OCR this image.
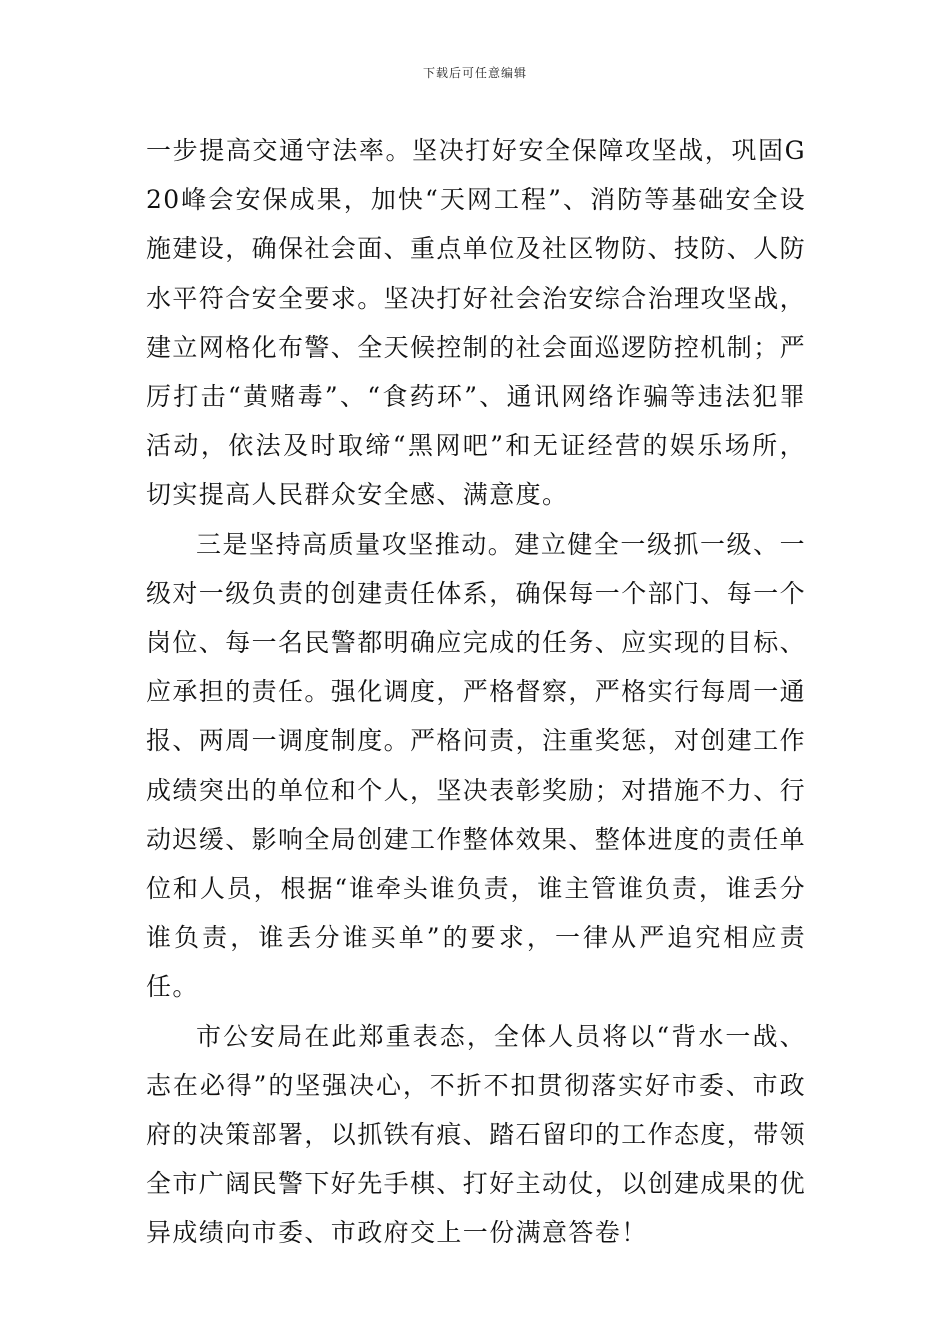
下载后可任意编辑

一步提高交通守法率。坚决打好安全保障攻坚战，巩固G20峰会安保成果，加快“天网工程”、消防等基础安全设施建设，确保社会面、重点单位及社区物防、技防、人防水平符合安全要求。坚决打好社会治安综合治理攻坚战，建立网格化布警、全天候控制的社会面巡逻防控机制；严厉打击“黄赌毒”、“食药环”、通讯网络诈骗等违法犯罪活动，依法及时取缔“黑网吧”和无证经营的娱乐场所，切实提高人民群众安全感、满意度。

三是坚持高质量攻坚推动。建立健全一级抓一级、一级对一级负责的创建责任体系，确保每一个部门、每一个岗位、每一名民警都明确应完成的任务、应实现的目标、应承担的责任。强化调度，严格督察，严格实行每周一通报、两周一调度制度。严格问责，注重奖惩，对创建工作成绩突出的单位和个人，坚决表彰奖励；对措施不力、行动迟缓、影响全局创建工作整体效果、整体进度的责任单位和人员，根据“谁牵头谁负责，谁主管谁负责，谁丢分谁负责，谁丢分谁买单”的要求，一律从严追究相应责任。

市公安局在此郑重表态，全体人员将以“背水一战、志在必得”的坚强决心，不折不扣贯彻落实好市委、市政府的决策部署，以抓铁有痕、踏石留印的工作态度，带领全市广阔民警下好先手棋、打好主动仗，以创建成果的优异成绩向市委、市政府交上一份满意答卷！
